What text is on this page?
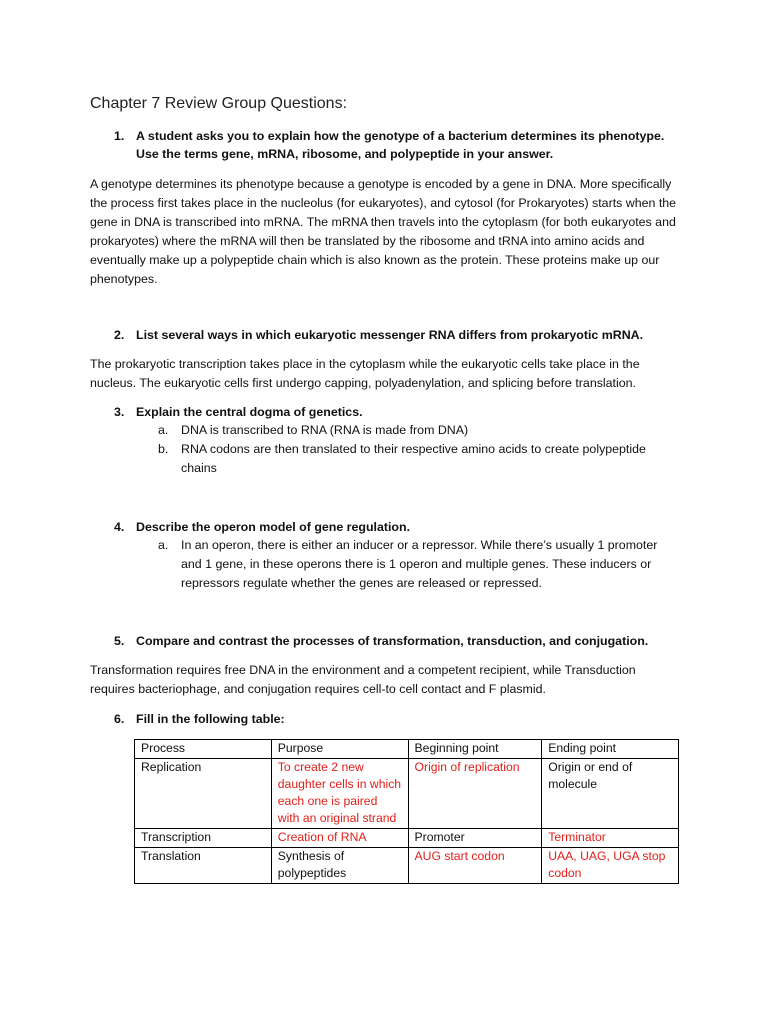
Chapter 7 Review Group Questions:
1. A student asks you to explain how the genotype of a bacterium determines its phenotype. Use the terms gene, mRNA, ribosome, and polypeptide in your answer.
A genotype determines its phenotype because a genotype is encoded by a gene in DNA. More specifically the process first takes place in the nucleolus (for eukaryotes), and cytosol (for Prokaryotes) starts when the gene in DNA is transcribed into mRNA. The mRNA then travels into the cytoplasm (for both eukaryotes and prokaryotes) where the mRNA will then be translated by the ribosome and tRNA into amino acids and eventually make up a polypeptide chain which is also known as the protein. These proteins make up our phenotypes.
2. List several ways in which eukaryotic messenger RNA differs from prokaryotic mRNA.
The prokaryotic transcription takes place in the cytoplasm while the eukaryotic cells take place in the nucleus. The eukaryotic cells first undergo capping, polyadenylation, and splicing before translation.
3. Explain the central dogma of genetics.
a. DNA is transcribed to RNA (RNA is made from DNA)
b. RNA codons are then translated to their respective amino acids to create polypeptide chains
4. Describe the operon model of gene regulation.
a. In an operon, there is either an inducer or a repressor. While there’s usually 1 promoter and 1 gene, in these operons there is 1 operon and multiple genes. These inducers or repressors regulate whether the genes are released or repressed.
5. Compare and contrast the processes of transformation, transduction, and conjugation.
Transformation requires free DNA in the environment and a competent recipient, while Transduction requires bacteriophage, and conjugation requires cell-to cell contact and F plasmid.
6. Fill in the following table:
Process	Purpose	Beginning point	Ending point
Replication	To create 2 new daughter cells in which each one is paired with an original strand	Origin of replication	Origin or end of molecule
Transcription	Creation of RNA	Promoter	Terminator
Translation	Synthesis of polypeptides	AUG start codon	UAA, UAG, UGA stop codon
